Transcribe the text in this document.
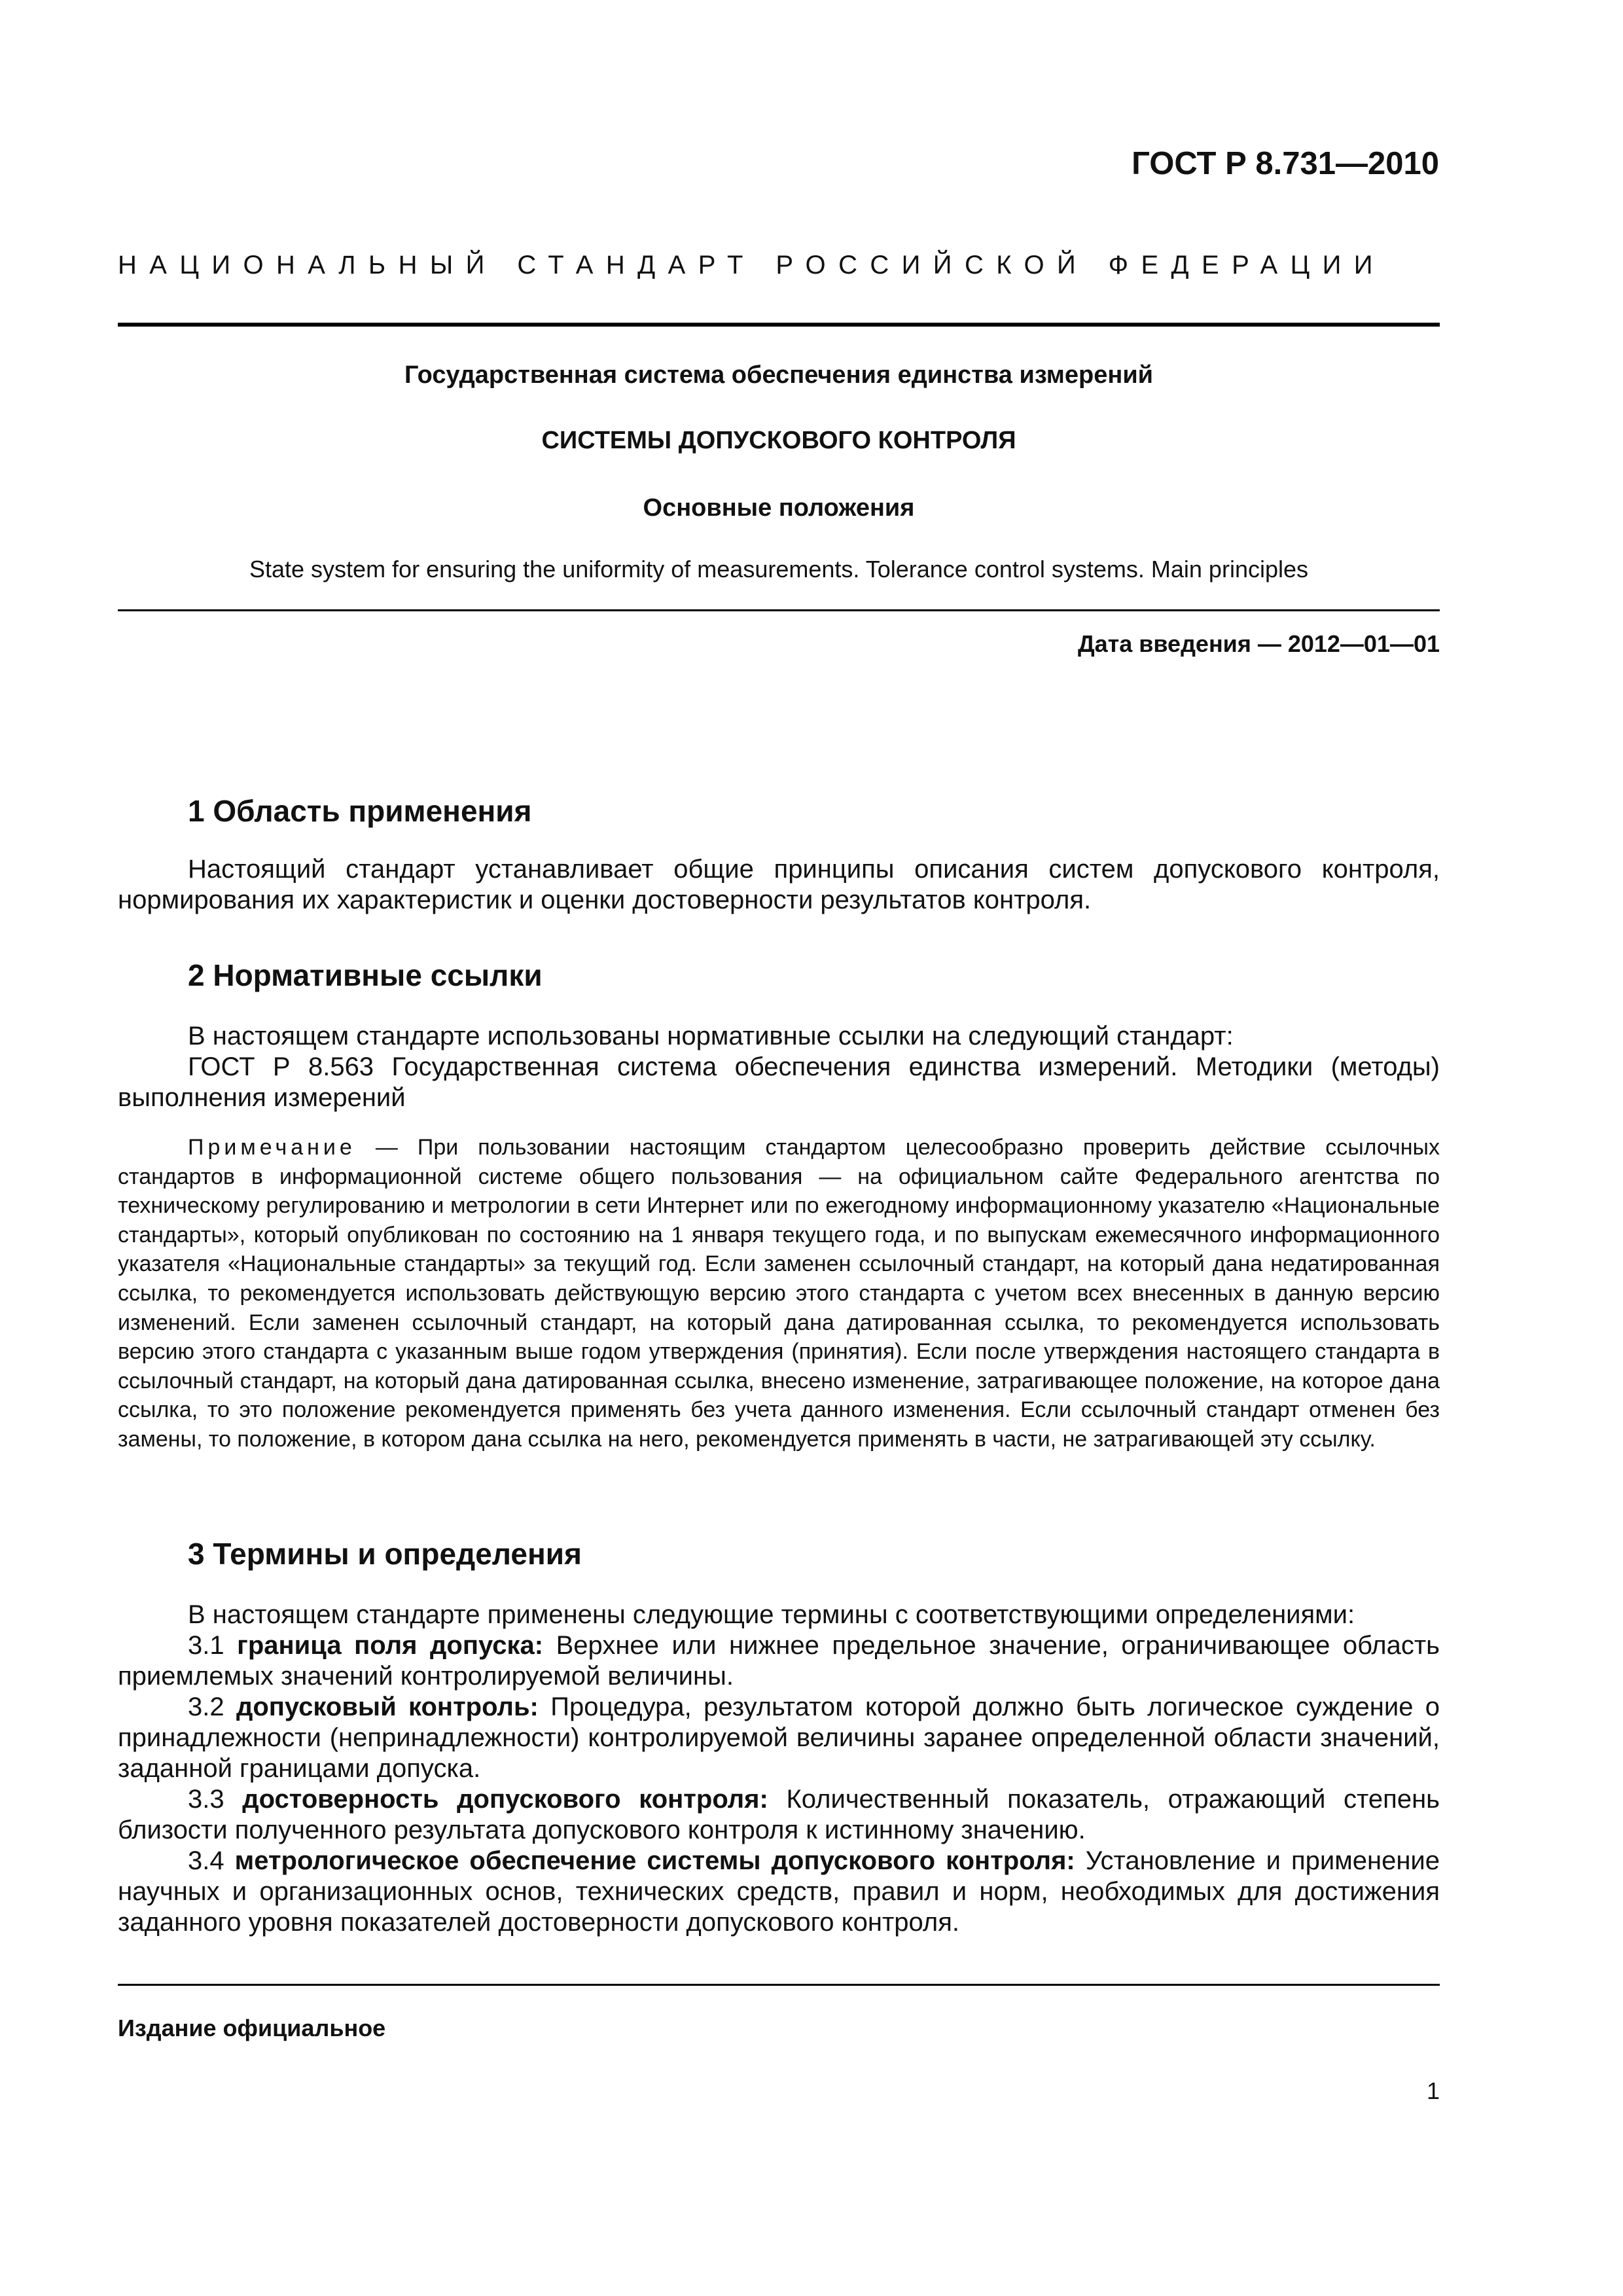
ГОСТ Р 8.731—2010
НАЦИОНАЛЬНЫЙ СТАНДАРТ РОССИЙСКОЙ ФЕДЕРАЦИИ
Государственная система обеспечения единства измерений
СИСТЕМЫ ДОПУСКОВОГО КОНТРОЛЯ
Основные положения
State system for ensuring the uniformity of measurements. Tolerance control systems. Main principles
Дата введения — 2012—01—01
1 Область применения
Настоящий стандарт устанавливает общие принципы описания систем допускового контроля, нормирования их характеристик и оценки достоверности результатов контроля.
2 Нормативные ссылки
В настоящем стандарте использованы нормативные ссылки на следующий стандарт:
ГОСТ Р 8.563 Государственная система обеспечения единства измерений. Методики (методы) выполнения измерений
Примечание — При пользовании настоящим стандартом целесообразно проверить действие ссылочных стандартов в информационной системе общего пользования — на официальном сайте Федерального агентства по техническому регулированию и метрологии в сети Интернет или по ежегодному информационному указателю «Национальные стандарты», который опубликован по состоянию на 1 января текущего года, и по выпускам ежемесячного информационного указателя «Национальные стандарты» за текущий год. Если заменен ссылочный стандарт, на который дана недатированная ссылка, то рекомендуется использовать действующую версию этого стандарта с учетом всех внесенных в данную версию изменений. Если заменен ссылочный стандарт, на который дана датированная ссылка, то рекомендуется использовать версию этого стандарта с указанным выше годом утверждения (принятия). Если после утверждения настоящего стандарта в ссылочный стандарт, на который дана датированная ссылка, внесено изменение, затрагивающее положение, на которое дана ссылка, то это положение рекомендуется применять без учета данного изменения. Если ссылочный стандарт отменен без замены, то положение, в котором дана ссылка на него, рекомендуется применять в части, не затрагивающей эту ссылку.
3 Термины и определения
В настоящем стандарте применены следующие термины с соответствующими определениями:
3.1 граница поля допуска: Верхнее или нижнее предельное значение, ограничивающее область приемлемых значений контролируемой величины.
3.2 допусковый контроль: Процедура, результатом которой должно быть логическое суждение о принадлежности (непринадлежности) контролируемой величины заранее определенной области значений, заданной границами допуска.
3.3 достоверность допускового контроля: Количественный показатель, отражающий степень близости полученного результата допускового контроля к истинному значению.
3.4 метрологическое обеспечение системы допускового контроля: Установление и применение научных и организационных основ, технических средств, правил и норм, необходимых для достижения заданного уровня показателей достоверности допускового контроля.
Издание официальное
1
